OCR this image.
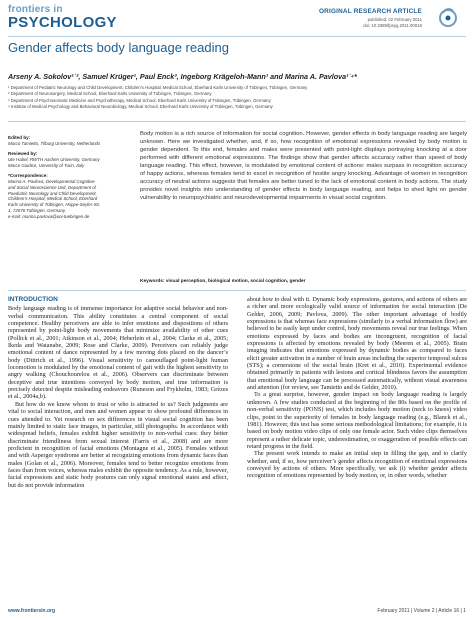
frontiers in
PSYCHOLOGY
ORIGINAL RESEARCH ARTICLE
published: 02 February 2011
doi: 10.3389/fpsyg.2011.00016
Gender affects body language reading
Arseny A. Sokolov¹ˈ², Samuel Krüger¹, Paul Enck³, Ingeborg Krägeloh-Mann¹ and Marina A. Pavlova¹ˈ⁴*
¹ Department of Pediatric Neurology and Child Development, Children’s Hospital, Medical School, Eberhard Karls University of Tübingen, Tübingen, Germany
² Department of Neurosurgery, Medical School, Eberhard Karls University of Tübingen, Tübingen, Germany
³ Department of Psychosomatic Medicine and Psychotherapy, Medical School, Eberhard Karls University of Tübingen, Tübingen, Germany
⁴ Institute of Medical Psychology and Behavioral Neurobiology, Medical School, Eberhard Karls University of Tübingen, Tübingen, Germany
Edited by:
Marco Tamietto, Tilburg University, Netherlands
Reviewed by:
Ute Habel, RWTH Aachen University, Germany
Marco Giudice, University of Turin, Italy
*Correspondence:
Marina A. Pavlova, Developmental Cognitive and Social Neuroscience Unit, Department of Paediatric Neurology and Child Development, Children’s Hospital, Medical School, Eberhard Karls University of Tübingen, Hoppe-Seyler-Str. 1, 72076 Tübingen, Germany.
e-mail: marina.pavlova@uni-tuebingen.de

Body motion is a rich source of information for social cognition. However, gender effects in body language reading are largely unknown. Here we investigated whether, and, if so, how recognition of emotional expressions revealed by body motion is gender dependent. To this end, females and males were presented with point-light displays portraying knocking at a door performed with different emotional expressions. The findings show that gender affects accuracy rather than speed of body language reading. This effect, however, is modulated by emotional content of actions: males surpass in recognition accuracy of happy actions, whereas females tend to excel in recognition of hostile angry knocking. Advantage of women in recognition accuracy of neutral actions suggests that females are better tuned to the lack of emotional content in body actions. The study provides novel insights into understanding of gender effects in body language reading, and helps to shed light on gender vulnerability to neuropsychiatric and neurodevelopmental impairments in visual social cognition.

Keywords: visual perception, biological motion, social cognition, gender
INTRODUCTION

Body language reading is of immense importance for adaptive social behavior and non-verbal communication. This ability constitutes a central component of social competence. Healthy perceivers are able to infer emotions and dispositions of others represented by point-light body movements that minimize availability of other cues (Pollick et al., 2001; Atkinson et al., 2004; Heberlein et al., 2004; Clarke et al., 2005; Ikeda and Watanabe, 2009; Rose and Clarke, 2009). Perceivers can reliably judge emotional content of dance represented by a few moving dots placed on the dancer’s body (Dittrich et al., 1996). Visual sensitivity to camouflaged point-light human locomotion is modulated by the emotional content of gait with the highest sensitivity to angry walking (Chouchourelou et al., 2006). Observers can discriminate between deceptive and true intentions conveyed by body motion, and true information is precisely detected despite misleading endeavors (Runeson and Frykholm, 1983; Grèzes et al., 2004a,b).

But how do we know whom to trust or who is attracted to us? Such judgments are vital to social interaction, and men and women appear to show profound differences in cues attended to. Yet research on sex differences in visual social cognition has been mainly limited to static face images, in particular, still photographs. In accordance with widespread beliefs, females exhibit higher sensitivity to non-verbal cues: they better discriminate friendliness from sexual interest (Farris et al., 2008) and are more proficient in recognition of facial emotions (Montagne et al., 2005). Females without and with Asperger syndrome are better at recognizing emotions from dynamic faces than males (Golan et al., 2006). Moreover, females tend to better recognize emotions from faces than from voices, whereas males exhibit the opposite tendency. As a rule, however, facial expressions and static body postures can only signal emotional states and affect, but do not provide information

about how to deal with it. Dynamic body expressions, gestures, and actions of others are a richer and more ecologically valid source of information for social interaction (De Gelder, 2006, 2009; Pavlova, 2009). The other important advantage of bodily expressions is that whereas face expressions (similarly to a verbal information flow) are believed to be easily kept under control, body movements reveal our true feelings. When emotions expressed by faces and bodies are incongruent, recognition of facial expressions is affected by emotions revealed by body (Meeren et al., 2005). Brain imaging indicates that emotions expressed by dynamic bodies as compared to faces elicit greater activation in a number of brain areas including the superior temporal sulcus (STS); a cornerstone of the social brain (Kret et al., 2010). Experimental evidence obtained primarily in patients with lesions and cortical blindness favors the assumption that emotional body language can be processed automatically, without visual awareness and attention (for review, see Tamietto and de Gelder, 2010).

To a great surprise, however, gender impact on body language reading is largely unknown. A few studies conducted at the beginning of the 80s based on the profile of non-verbal sensitivity (PONS) test, which includes body motion (neck to knees) video clips, point to the superiority of females in body language reading (e.g., Blanck et al., 1981). However, this test has some serious methodological limitations; for example, it is based on body motion video clips of only one female actor. Such video clips themselves represent a rather delicate topic, underestimation, or exaggeration of possible effects can retard progress in the field.

The present work intends to make an initial step in filling the gap, and to clarify whether, and, if so, how perceiver’s gender affects recognition of emotional expressions conveyed by actions of others. More specifically, we ask (i) whether gender affects recognition of emotions represented by body motion, or, in other words, whether

www.frontiersin.org	February 2011 | Volume 2 | Article 16 | 1
